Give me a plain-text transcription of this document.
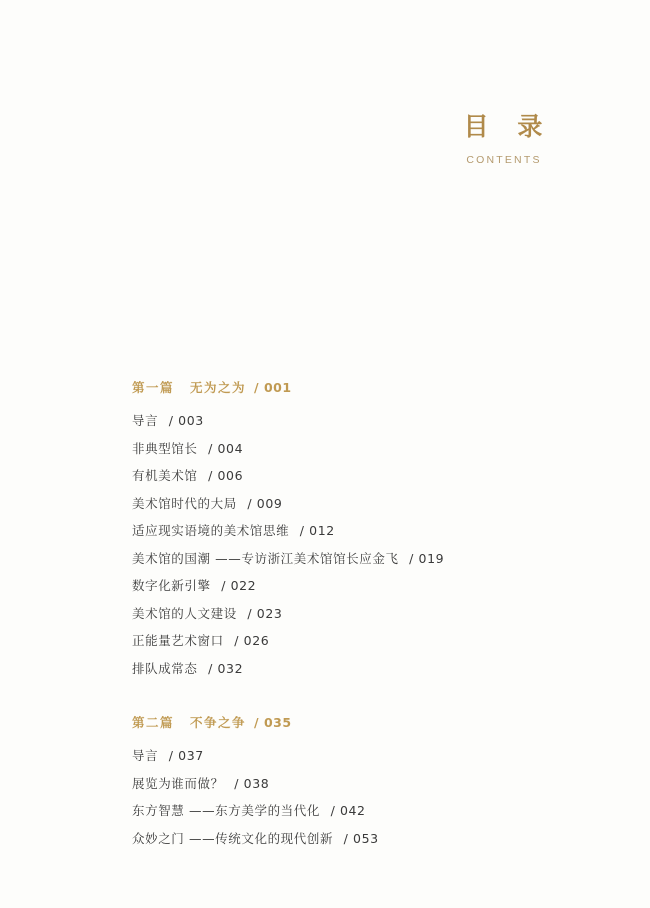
目 录
CONTENTS
第一篇 无为之为 / 001
导言 / 003
非典型馆长 / 004
有机美术馆 / 006
美术馆时代的大局 / 009
适应现实语境的美术馆思维 / 012
美术馆的国潮 ——专访浙江美术馆馆长应金飞 / 019
数字化新引擎 / 022
美术馆的人文建设 / 023
正能量艺术窗口 / 026
排队成常态 / 032
第二篇 不争之争 / 035
导言 / 037
展览为谁而做？ / 038
东方智慧 ——东方美学的当代化 / 042
众妙之门 ——传统文化的现代创新 / 053
